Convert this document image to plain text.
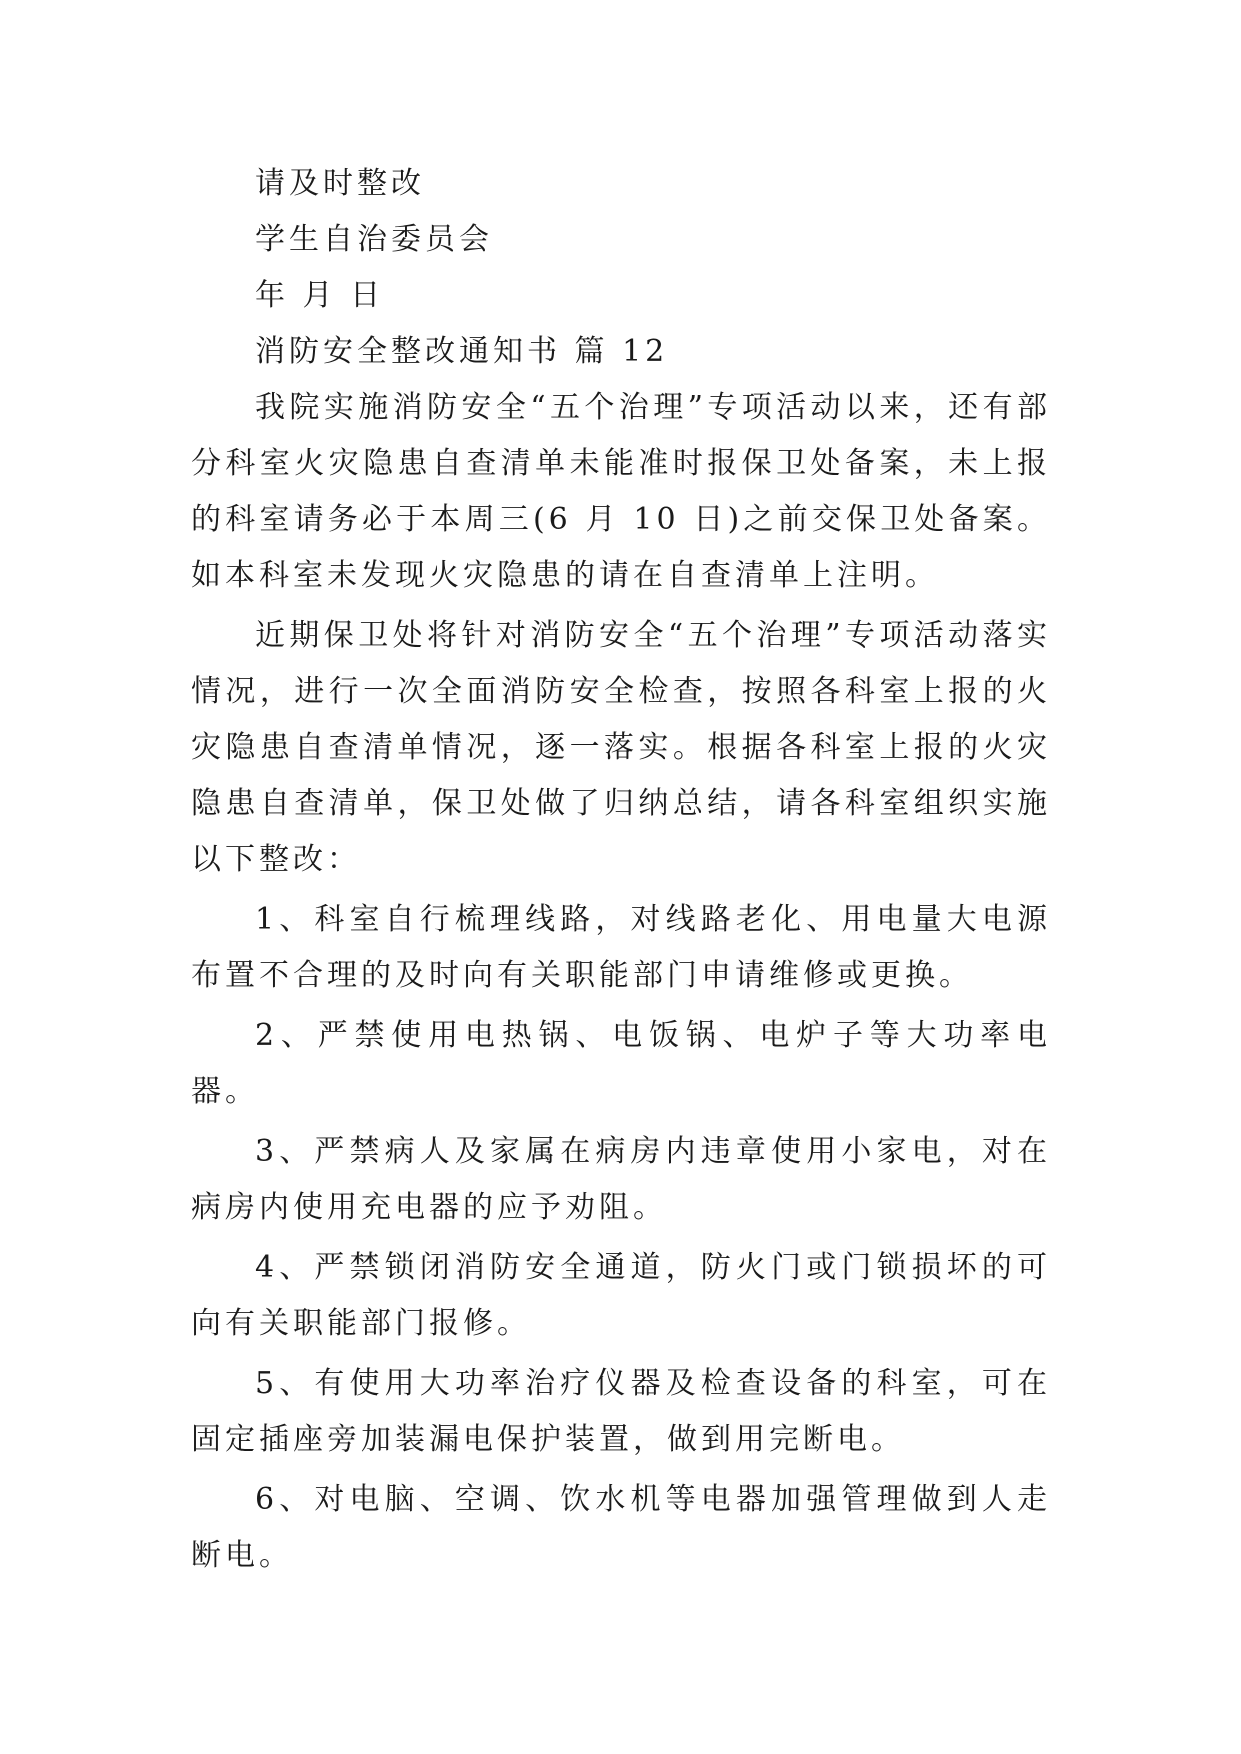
请及时整改
学生自治委员会
年 月 日
消防安全整改通知书 篇 12

我院实施消防安全“五个治理”专项活动以来，还有部分科室火灾隐患自查清单未能准时报保卫处备案，未上报的科室请务必于本周三(6 月 10 日)之前交保卫处备案。如本科室未发现火灾隐患的请在自查清单上注明。

近期保卫处将针对消防安全“五个治理”专项活动落实情况，进行一次全面消防安全检查，按照各科室上报的火灾隐患自查清单情况，逐一落实。根据各科室上报的火灾隐患自查清单，保卫处做了归纳总结，请各科室组织实施以下整改：

1、科室自行梳理线路，对线路老化、用电量大电源布置不合理的及时向有关职能部门申请维修或更换。

2、严禁使用电热锅、电饭锅、电炉子等大功率电器。

3、严禁病人及家属在病房内违章使用小家电，对在病房内使用充电器的应予劝阻。

4、严禁锁闭消防安全通道，防火门或门锁损坏的可向有关职能部门报修。

5、有使用大功率治疗仪器及检查设备的科室，可在固定插座旁加装漏电保护装置，做到用完断电。

6、对电脑、空调、饮水机等电器加强管理做到人走断电。
